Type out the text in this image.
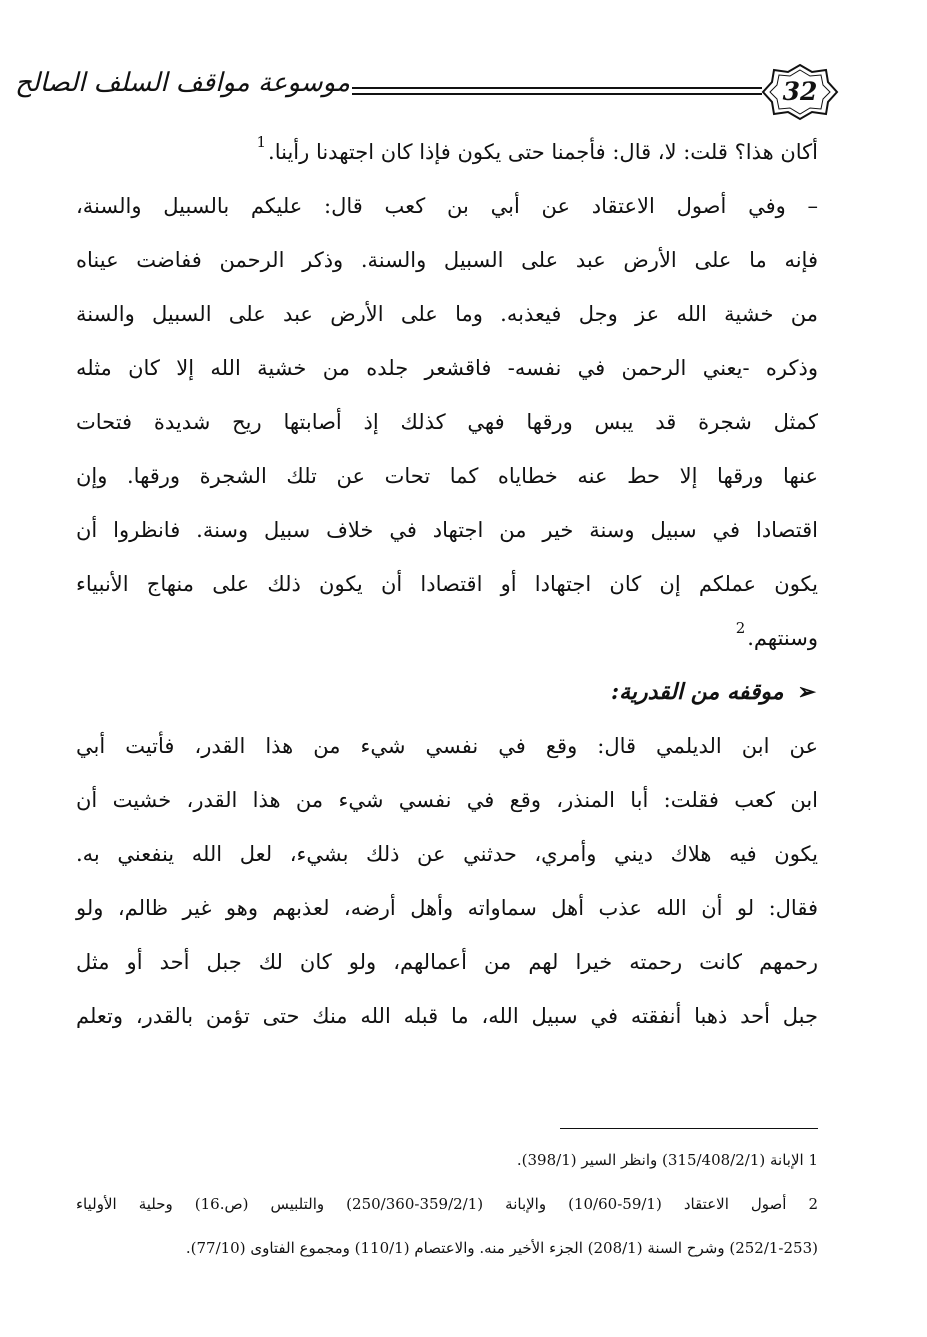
موسوعة مواقف السلف الصالح	32
أكان هذا؟ قلت: لا، قال: فأجمنا حتى يكون فإذا كان اجتهدنا رأينا.$^1$
– وفي أصول الاعتقاد عن أبي بن كعب قال: عليكم بالسبيل والسنة،
فإنه ما على الأرض عبد على السبيل والسنة. وذكر الرحمن ففاضت عيناه
من خشية الله عز وجل فيعذبه. وما على الأرض عبد على السبيل والسنة
وذكره -يعني الرحمن في نفسه- فاقشعر جلده من خشية الله إلا كان مثله
كمثل شجرة قد يبس ورقها فهي كذلك إذ أصابتها ريح شديدة فتحات
عنها ورقها إلا حط عنه خطاياه كما تحات عن تلك الشجرة ورقها. وإن
اقتصادا في سبيل وسنة خير من اجتهاد في خلاف سبيل وسنة. فانظروا أن
يكون عملكم إن كان اجتهادا أو اقتصادا أن يكون ذلك على منهاج الأنبياء
وسنتهم.$^2$
➢موقفه من القدرية:
عن ابن الديلمي قال: وقع في نفسي شيء من هذا القدر، فأتيت أبي
ابن كعب فقلت: أبا المنذر، وقع في نفسي شيء من هذا القدر، خشيت أن
يكون فيه هلاك ديني وأمري، حدثني عن ذلك بشيء، لعل الله ينفعني به.
فقال: لو أن الله عذب أهل سماواته وأهل أرضه، لعذبهم وهو غير ظالم، ولو
رحمهم كانت رحمته خيرا لهم من أعمالهم، ولو كان لك جبل أحد أو مثل
جبل أحد ذهبا أنفقته في سبيل الله، ما قبله الله منك حتى تؤمن بالقدر، وتعلم
1 الإبانة (315/408/2/1) وانظر السير (398/1).
2 أصول الاعتقاد (59/1-10/60) والإبانة (359/2/1-250/360) والتلبيس (ص.16) وحلية الأولياء
(252/1-253) وشرح السنة (208/1) الجزء الأخير منه. والاعتصام (110/1) ومجموع الفتاوى (77/10).
